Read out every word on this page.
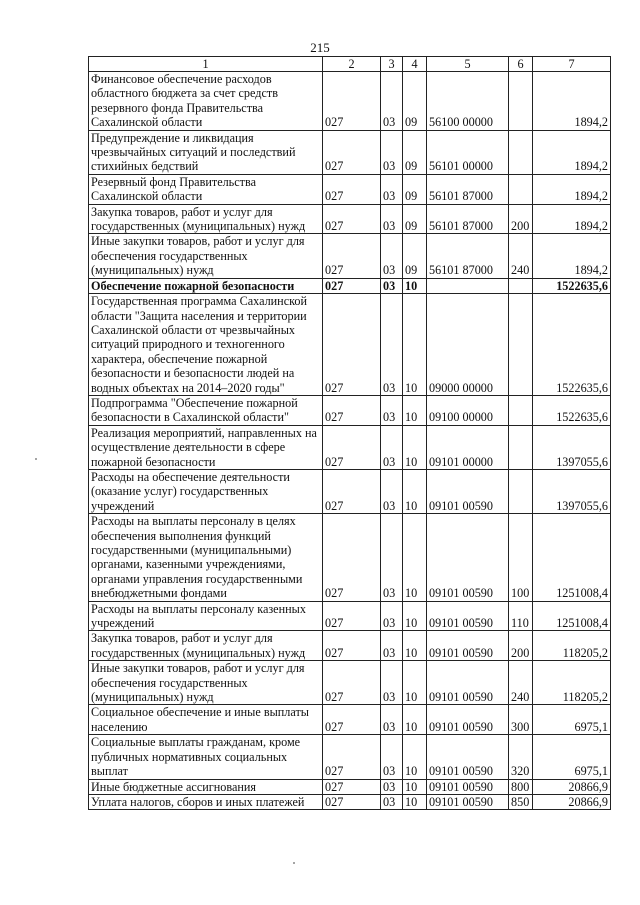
215
1	2	3	4	5	6	7
Финансовое обеспечение расходов областного бюджета за счет средств резервного фонда Правительства Сахалинской области	027	03	09	56100 00000		1894,2
Предупреждение и ликвидация чрезвычайных ситуаций и последствий стихийных бедствий	027	03	09	56101 00000		1894,2
Резервный фонд Правительства Сахалинской области	027	03	09	56101 87000		1894,2
Закупка товаров, работ и услуг для государственных (муниципальных) нужд	027	03	09	56101 87000	200	1894,2
Иные закупки товаров, работ и услуг для обеспечения государственных (муниципальных) нужд	027	03	09	56101 87000	240	1894,2
Обеспечение пожарной безопасности	027	03	10			1522635,6
Государственная программа Сахалинской области "Защита населения и территории Сахалинской области от чрезвычайных ситуаций природного и техногенного характера, обеспечение пожарной безопасности и безопасности людей на водных объектах на 2014–2020 годы"	027	03	10	09000 00000		1522635,6
Подпрограмма "Обеспечение пожарной безопасности в Сахалинской области"	027	03	10	09100 00000		1522635,6
Реализация мероприятий, направленных на осуществление деятельности в сфере пожарной безопасности	027	03	10	09101 00000		1397055,6
Расходы на обеспечение деятельности (оказание услуг) государственных учреждений	027	03	10	09101 00590		1397055,6
Расходы на выплаты персоналу в целях обеспечения выполнения функций государственными (муниципальными) органами, казенными учреждениями, органами управления государственными внебюджетными фондами	027	03	10	09101 00590	100	1251008,4
Расходы на выплаты персоналу казенных учреждений	027	03	10	09101 00590	110	1251008,4
Закупка товаров, работ и услуг для государственных (муниципальных) нужд	027	03	10	09101 00590	200	118205,2
Иные закупки товаров, работ и услуг для обеспечения государственных (муниципальных) нужд	027	03	10	09101 00590	240	118205,2
Социальное обеспечение и иные выплаты населению	027	03	10	09101 00590	300	6975,1
Социальные выплаты гражданам, кроме публичных нормативных социальных выплат	027	03	10	09101 00590	320	6975,1
Иные бюджетные ассигнования	027	03	10	09101 00590	800	20866,9
Уплата налогов, сборов и иных платежей	027	03	10	09101 00590	850	20866,9
